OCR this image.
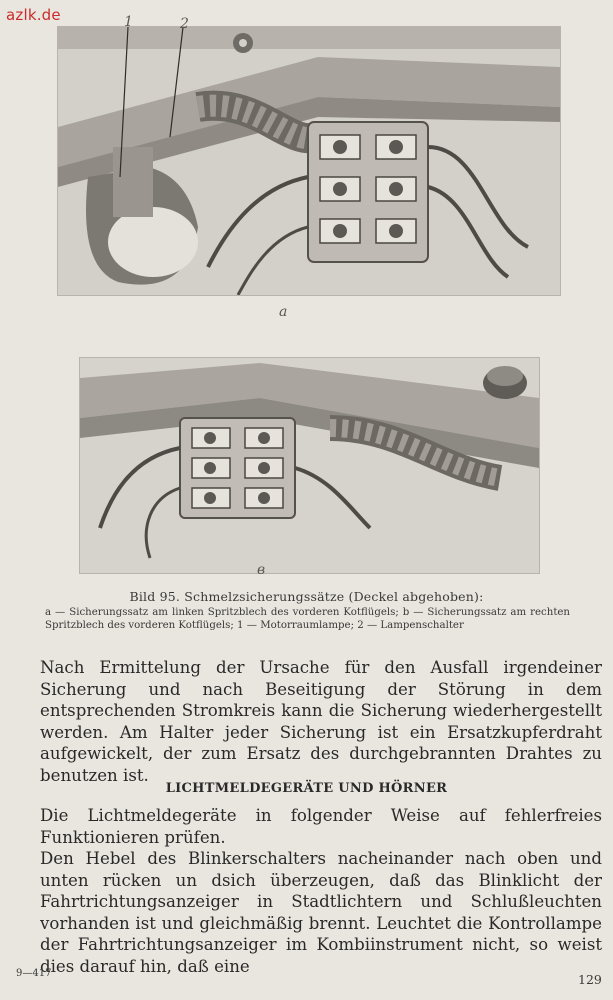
azlk.de	1	2
a
в
Bild 95. Schmelzsicherungssätze (Deckel abgehoben):
a — Sicherungssatz am linken Spritzblech des vorderen Kotflügels; b — Sicherungssatz am rechten Spritzblech des vorderen Kotflügels; 1 — Motorraumlampe; 2 — Lampenschalter
Nach Ermittelung der Ursache für den Ausfall irgendeiner Sicherung und nach Beseitigung der Störung in dem entsprechenden Stromkreis kann die Sicherung wiederhergestellt werden. Am Halter jeder Sicherung ist ein Ersatzkupferdraht aufgewickelt, der zum Ersatz des durchgebrannten Drahtes zu benutzen ist.
LICHTMELDEGERÄTE UND HÖRNER
Die Lichtmeldegeräte in folgender Weise auf fehlerfreies Funktionieren prüfen.
Den Hebel des Blinkerschalters nacheinander nach oben und unten rücken un dsich überzeugen, daß das Blinklicht der Fahrtrichtungsanzeiger in Stadtlichtern und Schlußleuchten vorhanden ist und gleichmäßig brennt. Leuchtet die Kontrollampe der Fahrtrichtungsanzeiger im Kombiinstrument nicht, so weist dies darauf hin, daß eine
9—417	129
